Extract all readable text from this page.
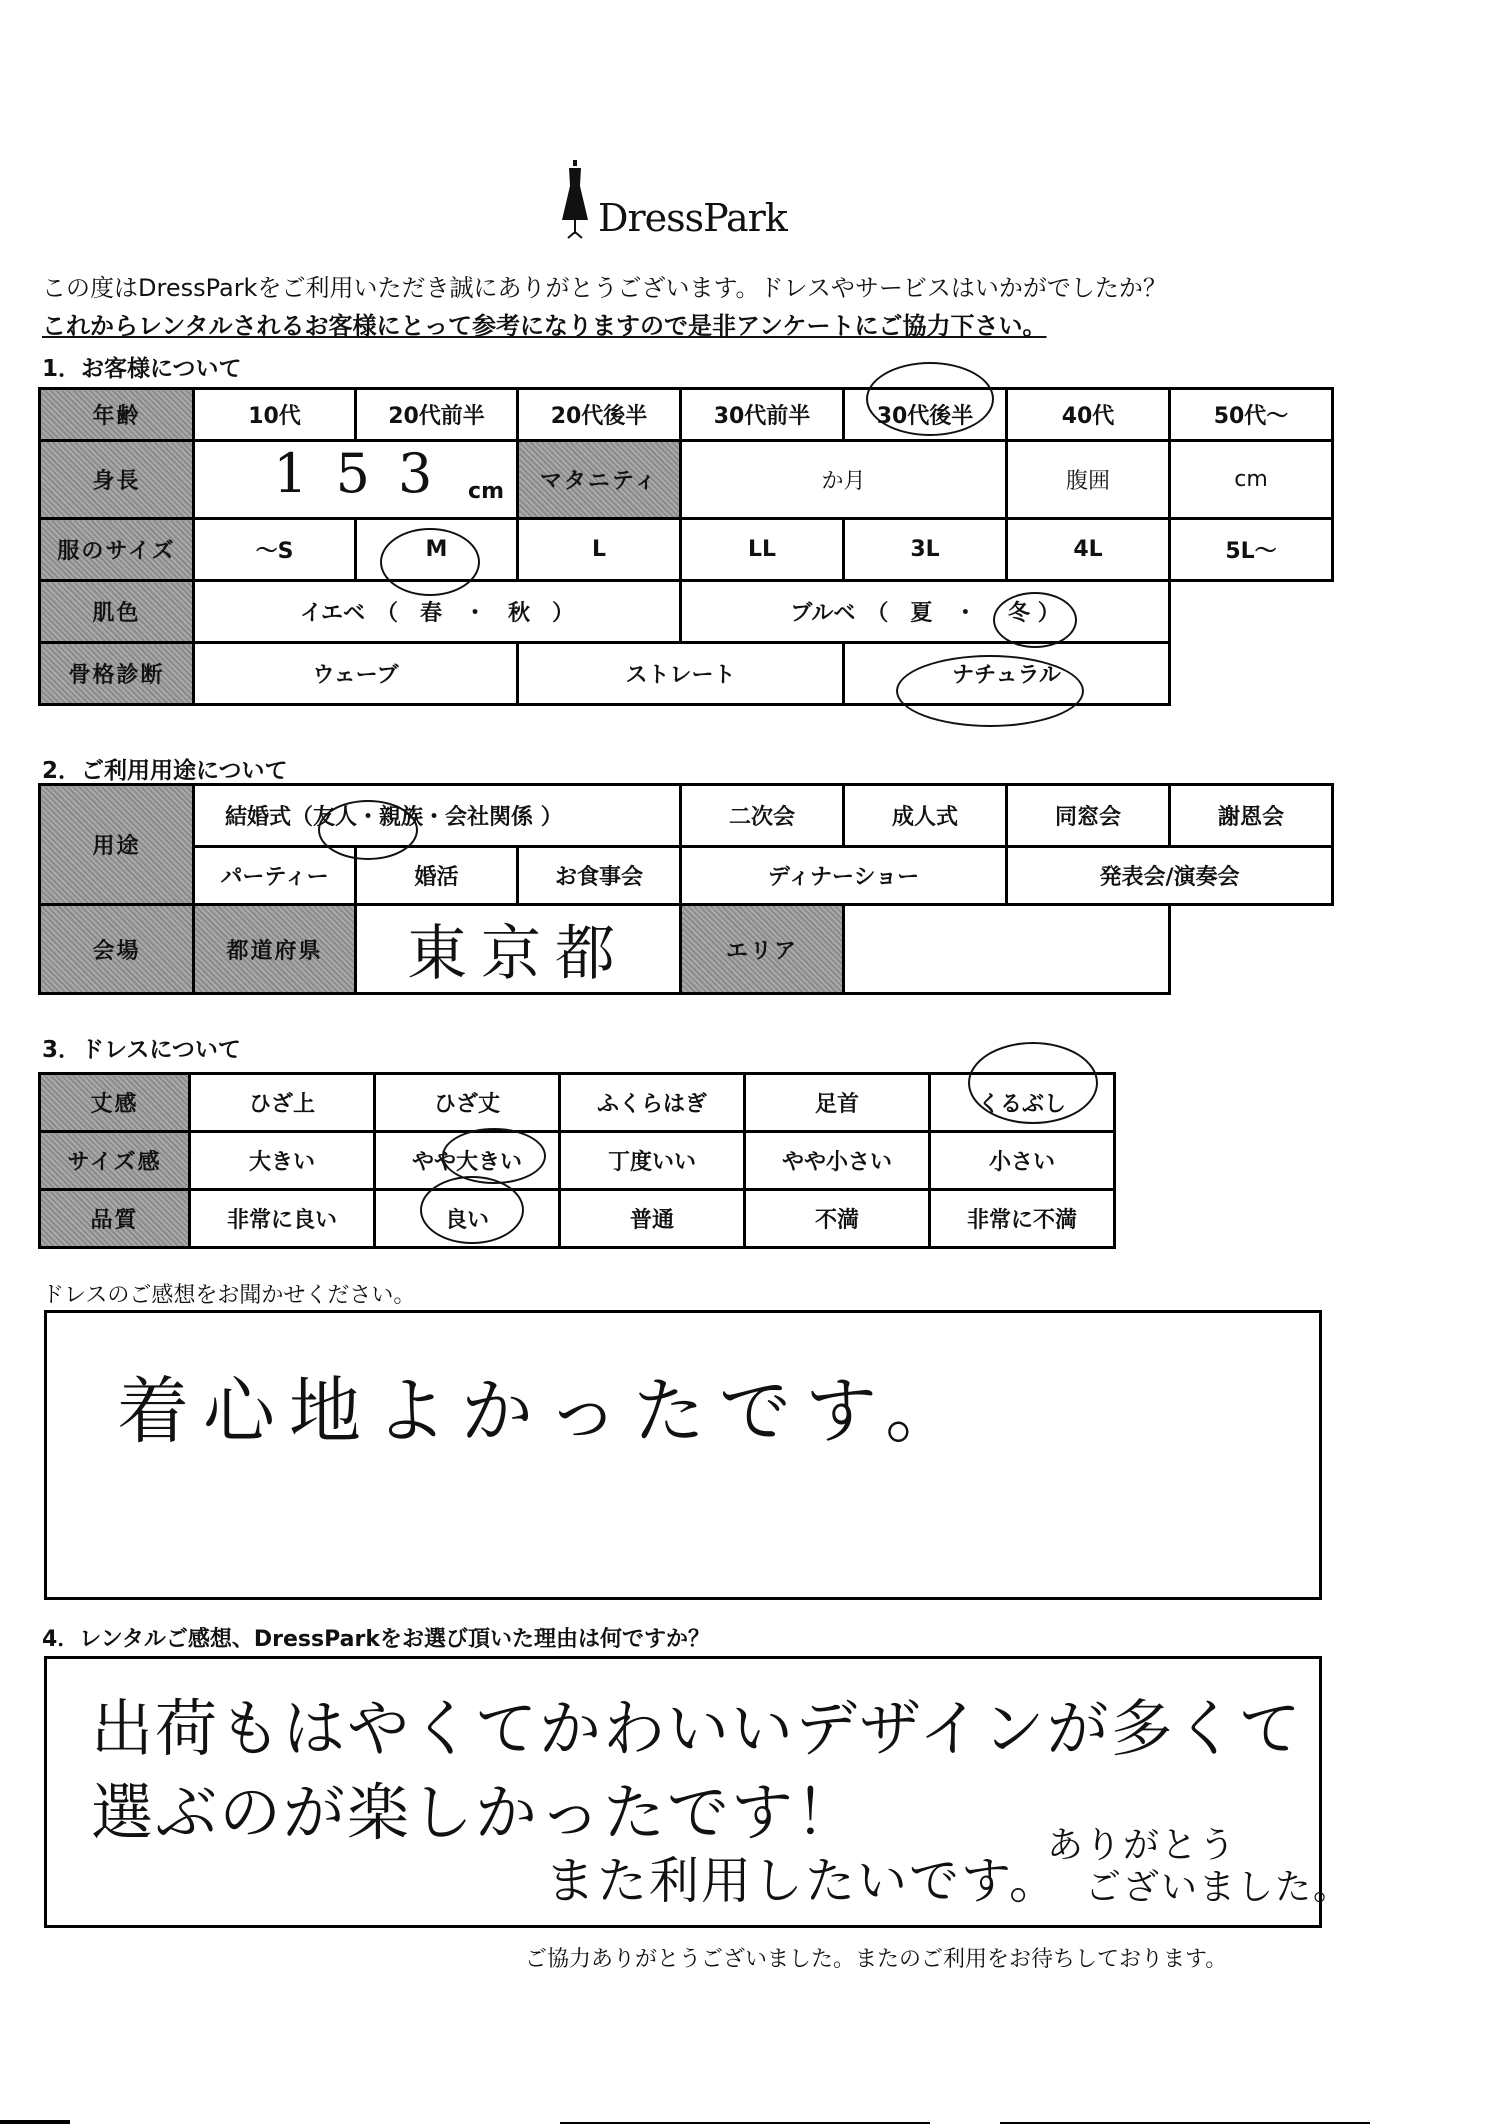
DressPark
この度はDressParkをご利用いただき誠にありがとうございます。ドレスやサービスはいかがでしたか？
これからレンタルされるお客様にとって参考になりますので是非アンケートにご協力下さい。
1．お客様について
年齢	10代	20代前半	20代後半	30代前半	30代後半	40代	50代～
身長	153 cm		マタニティ	か月		腹囲	cm
服のサイズ	～S	M	L	LL	3L	4L	5L～
肌色	イエベ　（　春　・　秋　）			ブルベ　（　夏　・ 冬 ）			
骨格診断	ウェーブ		ストレート		ナチュラル		
2．ご利用用途について
用途	結婚式（友人・親族・会社関係 ）			二次会	成人式	同窓会	謝恩会
	パーティー	婚活	お食事会	ディナーショー		発表会/演奏会	
会場	都道府県	東京都		エリア			
3．ドレスについて
丈感	ひざ上	ひざ丈	ふくらはぎ	足首	くるぶし
サイズ感	大きい	やや大きい	丁度いい	やや小さい	小さい
品質	非常に良い	良い	普通	不満	非常に不満
ドレスのご感想をお聞かせください。
着心地よかったです。
4．レンタルご感想、DressParkをお選び頂いた理由は何ですか？
出荷もはやくてかわいいデザインが多くて
選ぶのが楽しかったです！
また利用したいです。
ありがとう
ございました。
ご協力ありがとうございました。またのご利用をお待ちしております。
